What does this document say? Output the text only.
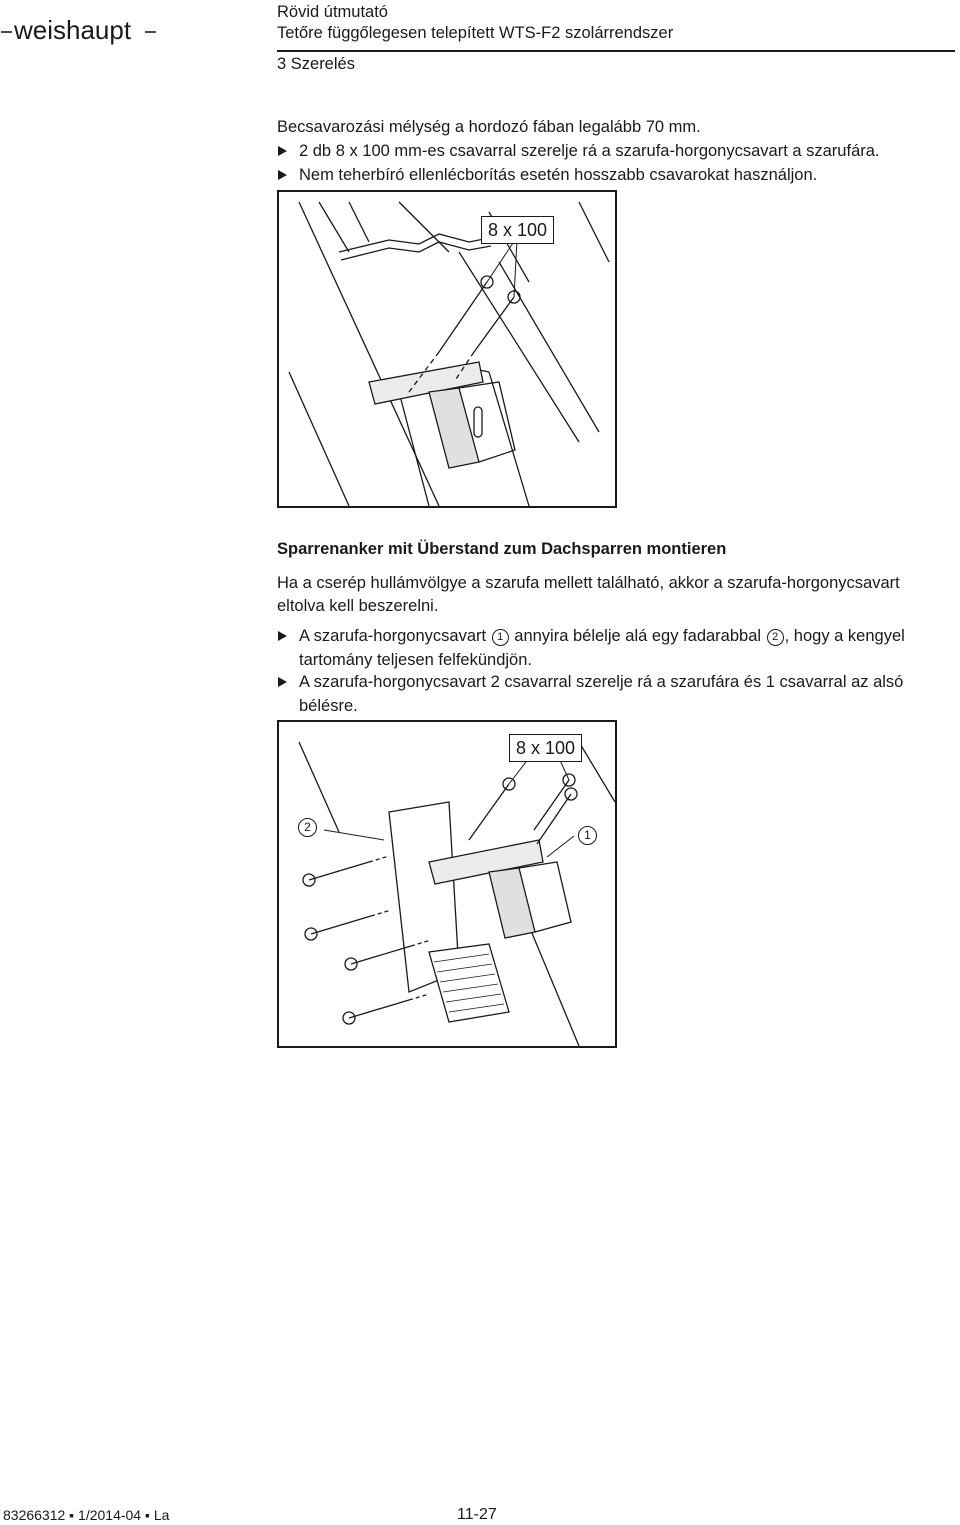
weishaupt
Rövid útmutató
Tetőre függőlegesen telepített WTS-F2 szolárrendszer
3 Szerelés
Becsavarozási mélység a hordozó fában legalább 70 mm.
2 db 8 x 100 mm-es csavarral szerelje rá a szarufa-horgonycsavart a szarufára.
Nem teherbíró ellenlécborítás esetén hosszabb csavarokat használjon.
8 x 100
Sparrenanker mit Überstand zum Dachsparren montieren
Ha a cserép hullámvölgye a szarufa mellett található, akkor a szarufa-horgonycsavart
eltolva kell beszerelni.
A szarufa-horgonycsavart 1 annyira bélelje alá egy fadarabbal 2 , hogy a kengyel
tartomány teljesen felfekündjön.
A szarufa-horgonycsavart 2 csavarral szerelje rá a szarufára és 1 csavarral az alsó
bélésre.
8 x 100
2
1
83266312 ▪ 1/2014-04 ▪ La	11-27
